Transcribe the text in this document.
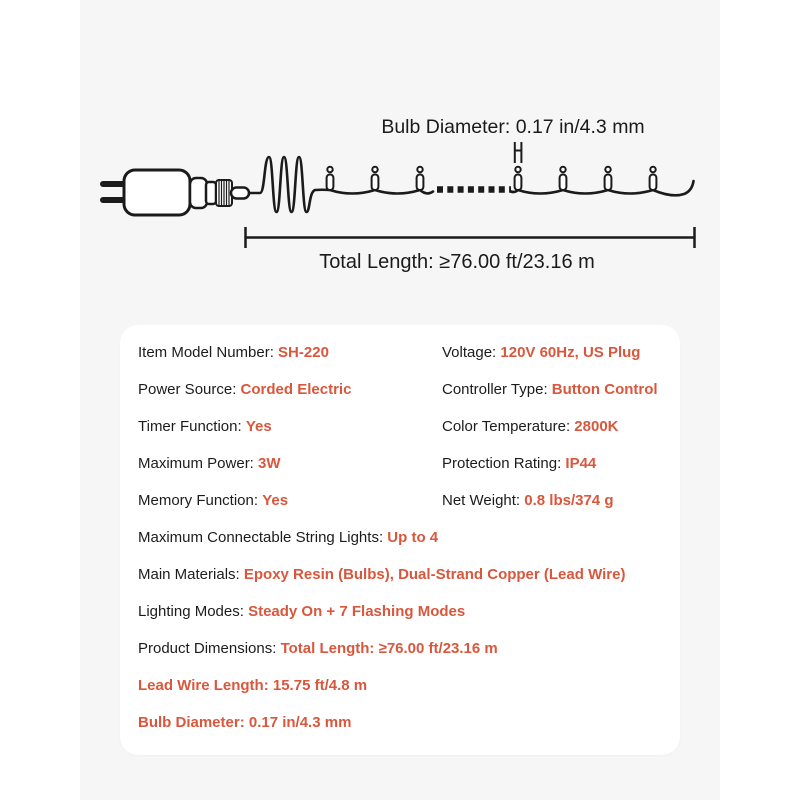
Bulb Diameter: 0.17 in/4.3 mm
Total Length: ≥76.00 ft/23.16 m
Item Model Number: SH-220	Voltage: 120V 60Hz, US Plug
Power Source: Corded Electric	Controller Type: Button Control
Timer Function: Yes	Color Temperature: 2800K
Maximum Power: 3W	Protection Rating: IP44
Memory Function: Yes	Net Weight: 0.8 lbs/374 g
Maximum Connectable String Lights: Up to 4
Main Materials: Epoxy Resin (Bulbs), Dual-Strand Copper (Lead Wire)
Lighting Modes: Steady On + 7 Flashing Modes
Product Dimensions: Total Length: ≥76.00 ft/23.16 m
Lead Wire Length: 15.75 ft/4.8 m
Bulb Diameter: 0.17 in/4.3 mm
